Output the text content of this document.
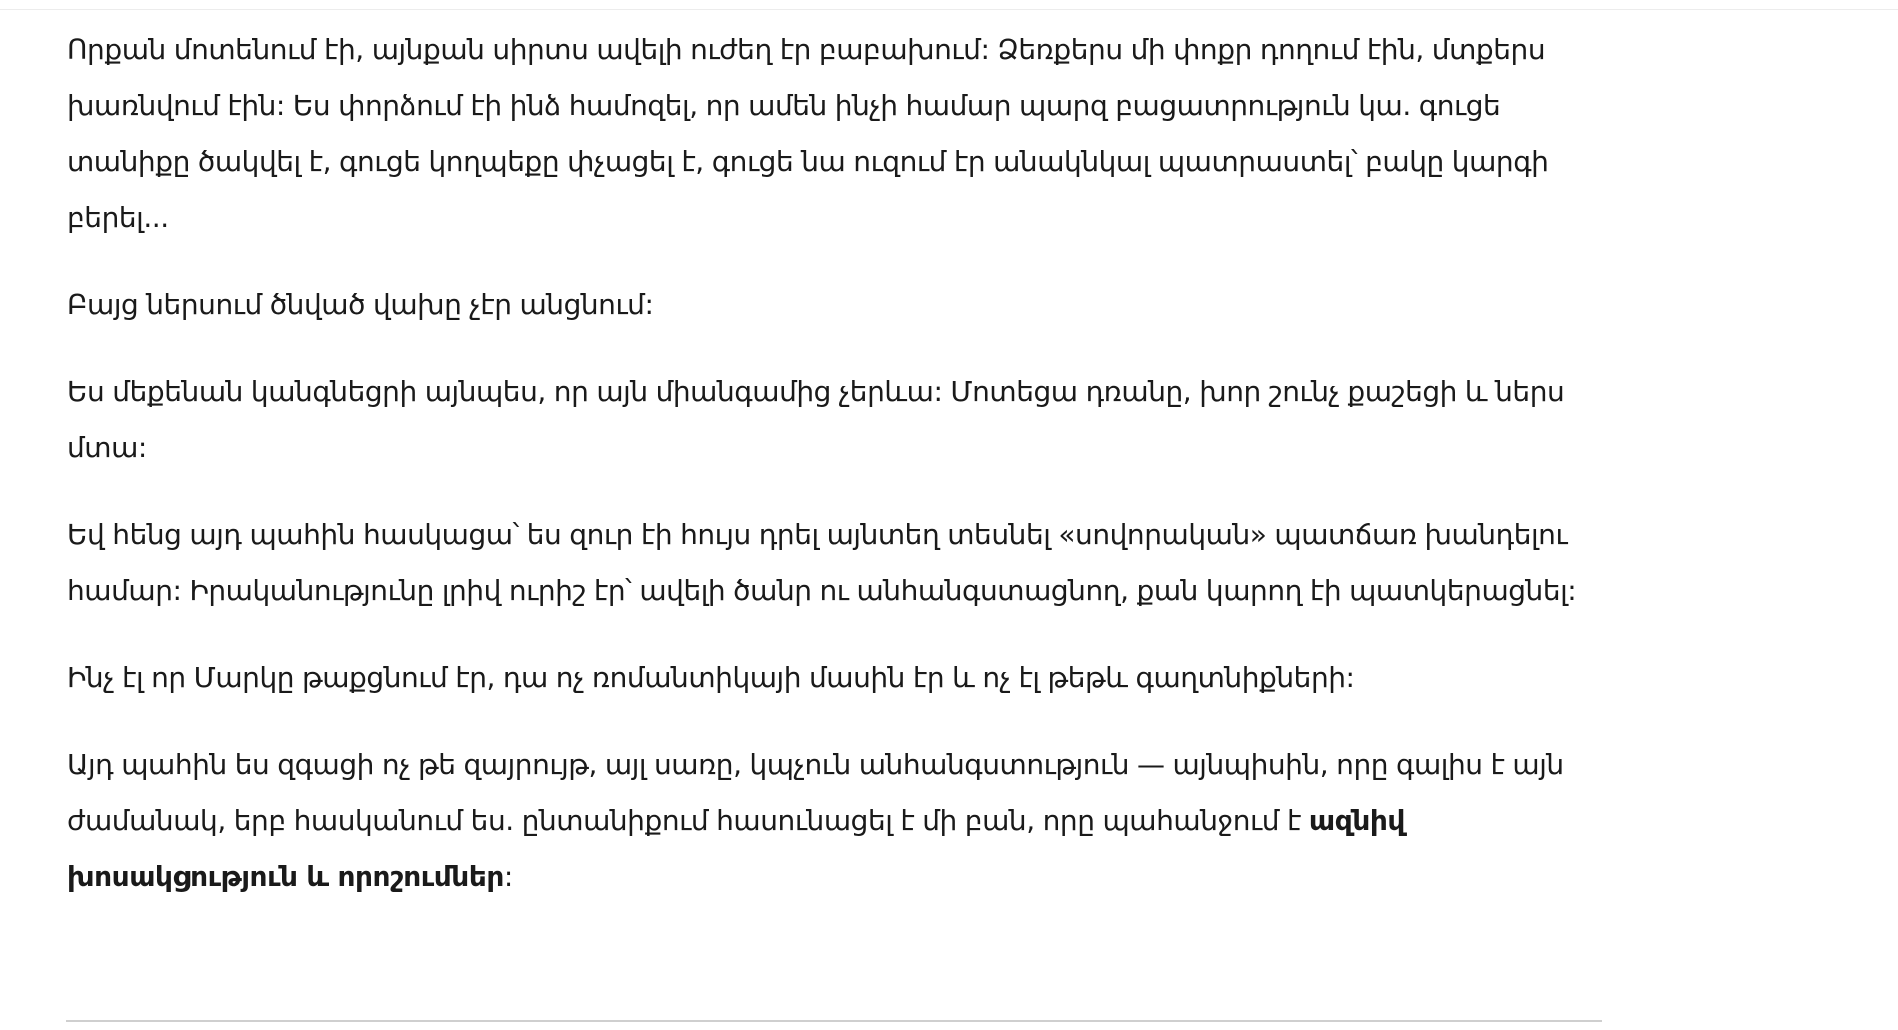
Որքան մոտենում էի, այնքան սիրտս ավելի ուժեղ էր բաբախում: Ձեռքերս մի փոքր դողում էին, մտքերս խառնվում էին: Ես փորձում էի ինձ համոզել, որ ամեն ինչի համար պարզ բացատրություն կա. գուցե տանիքը ծակվել է, գուցե կողպեքը փչացել է, գուցե նա ուզում էր անակնկալ պատրաստել՝ բակը կարգի բերել...

Բայց ներսում ծնված վախը չէր անցնում:

Ես մեքենան կանգնեցրի այնպես, որ այն միանգամից չերևա: Մոտեցա դռանը, խոր շունչ քաշեցի և ներս մտա:

Եվ հենց այդ պահին հասկացա՝ ես զուր էի հույս դրել այնտեղ տեսնել «սովորական» պատճառ խանդելու համար: Իրականությունը լրիվ ուրիշ էր՝ ավելի ծանր ու անհանգստացնող, քան կարող էի պատկերացնել:

Ինչ էլ որ Մարկը թաքցնում էր, դա ոչ ռոմանտիկայի մասին էր և ոչ էլ թեթև գաղտնիքների:

Այդ պահին ես զգացի ոչ թե զայրույթ, այլ սառը, կպչուն անհանգստություն — այնպիսին, որը գալիս է այն ժամանակ, երբ հասկանում ես. ընտանիքում հասունացել է մի բան, որը պահանջում է ազնիվ խոսակցություն և որոշումներ:
